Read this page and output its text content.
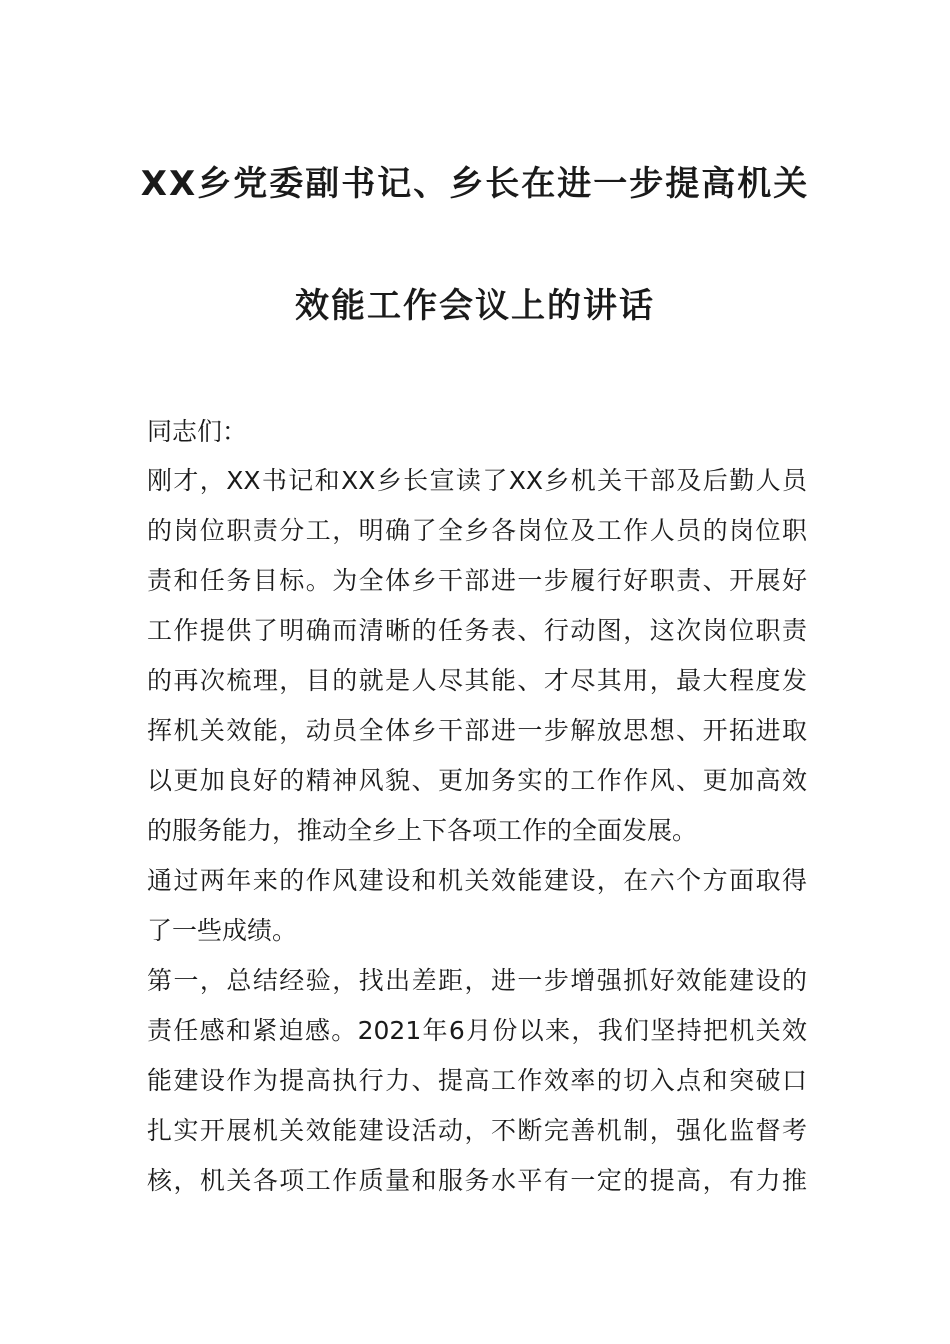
XX乡党委副书记、乡长在进一步提高机关
效能工作会议上的讲话
同志们：
刚才，XX书记和XX乡长宣读了XX乡机关干部及后勤人员
的岗位职责分工，明确了全乡各岗位及工作人员的岗位职
责和任务目标。为全体乡干部进一步履行好职责、开展好
工作提供了明确而清晰的任务表、行动图，这次岗位职责
的再次梳理，目的就是人尽其能、才尽其用，最大程度发
挥机关效能，动员全体乡干部进一步解放思想、开拓进取
以更加良好的精神风貌、更加务实的工作作风、更加高效
的服务能力，推动全乡上下各项工作的全面发展。
通过两年来的作风建设和机关效能建设，在六个方面取得
了一些成绩。
第一，总结经验，找出差距，进一步增强抓好效能建设的
责任感和紧迫感。2021年6月份以来，我们坚持把机关效
能建设作为提高执行力、提高工作效率的切入点和突破口
扎实开展机关效能建设活动，不断完善机制，强化监督考
核，机关各项工作质量和服务水平有一定的提高，有力推
